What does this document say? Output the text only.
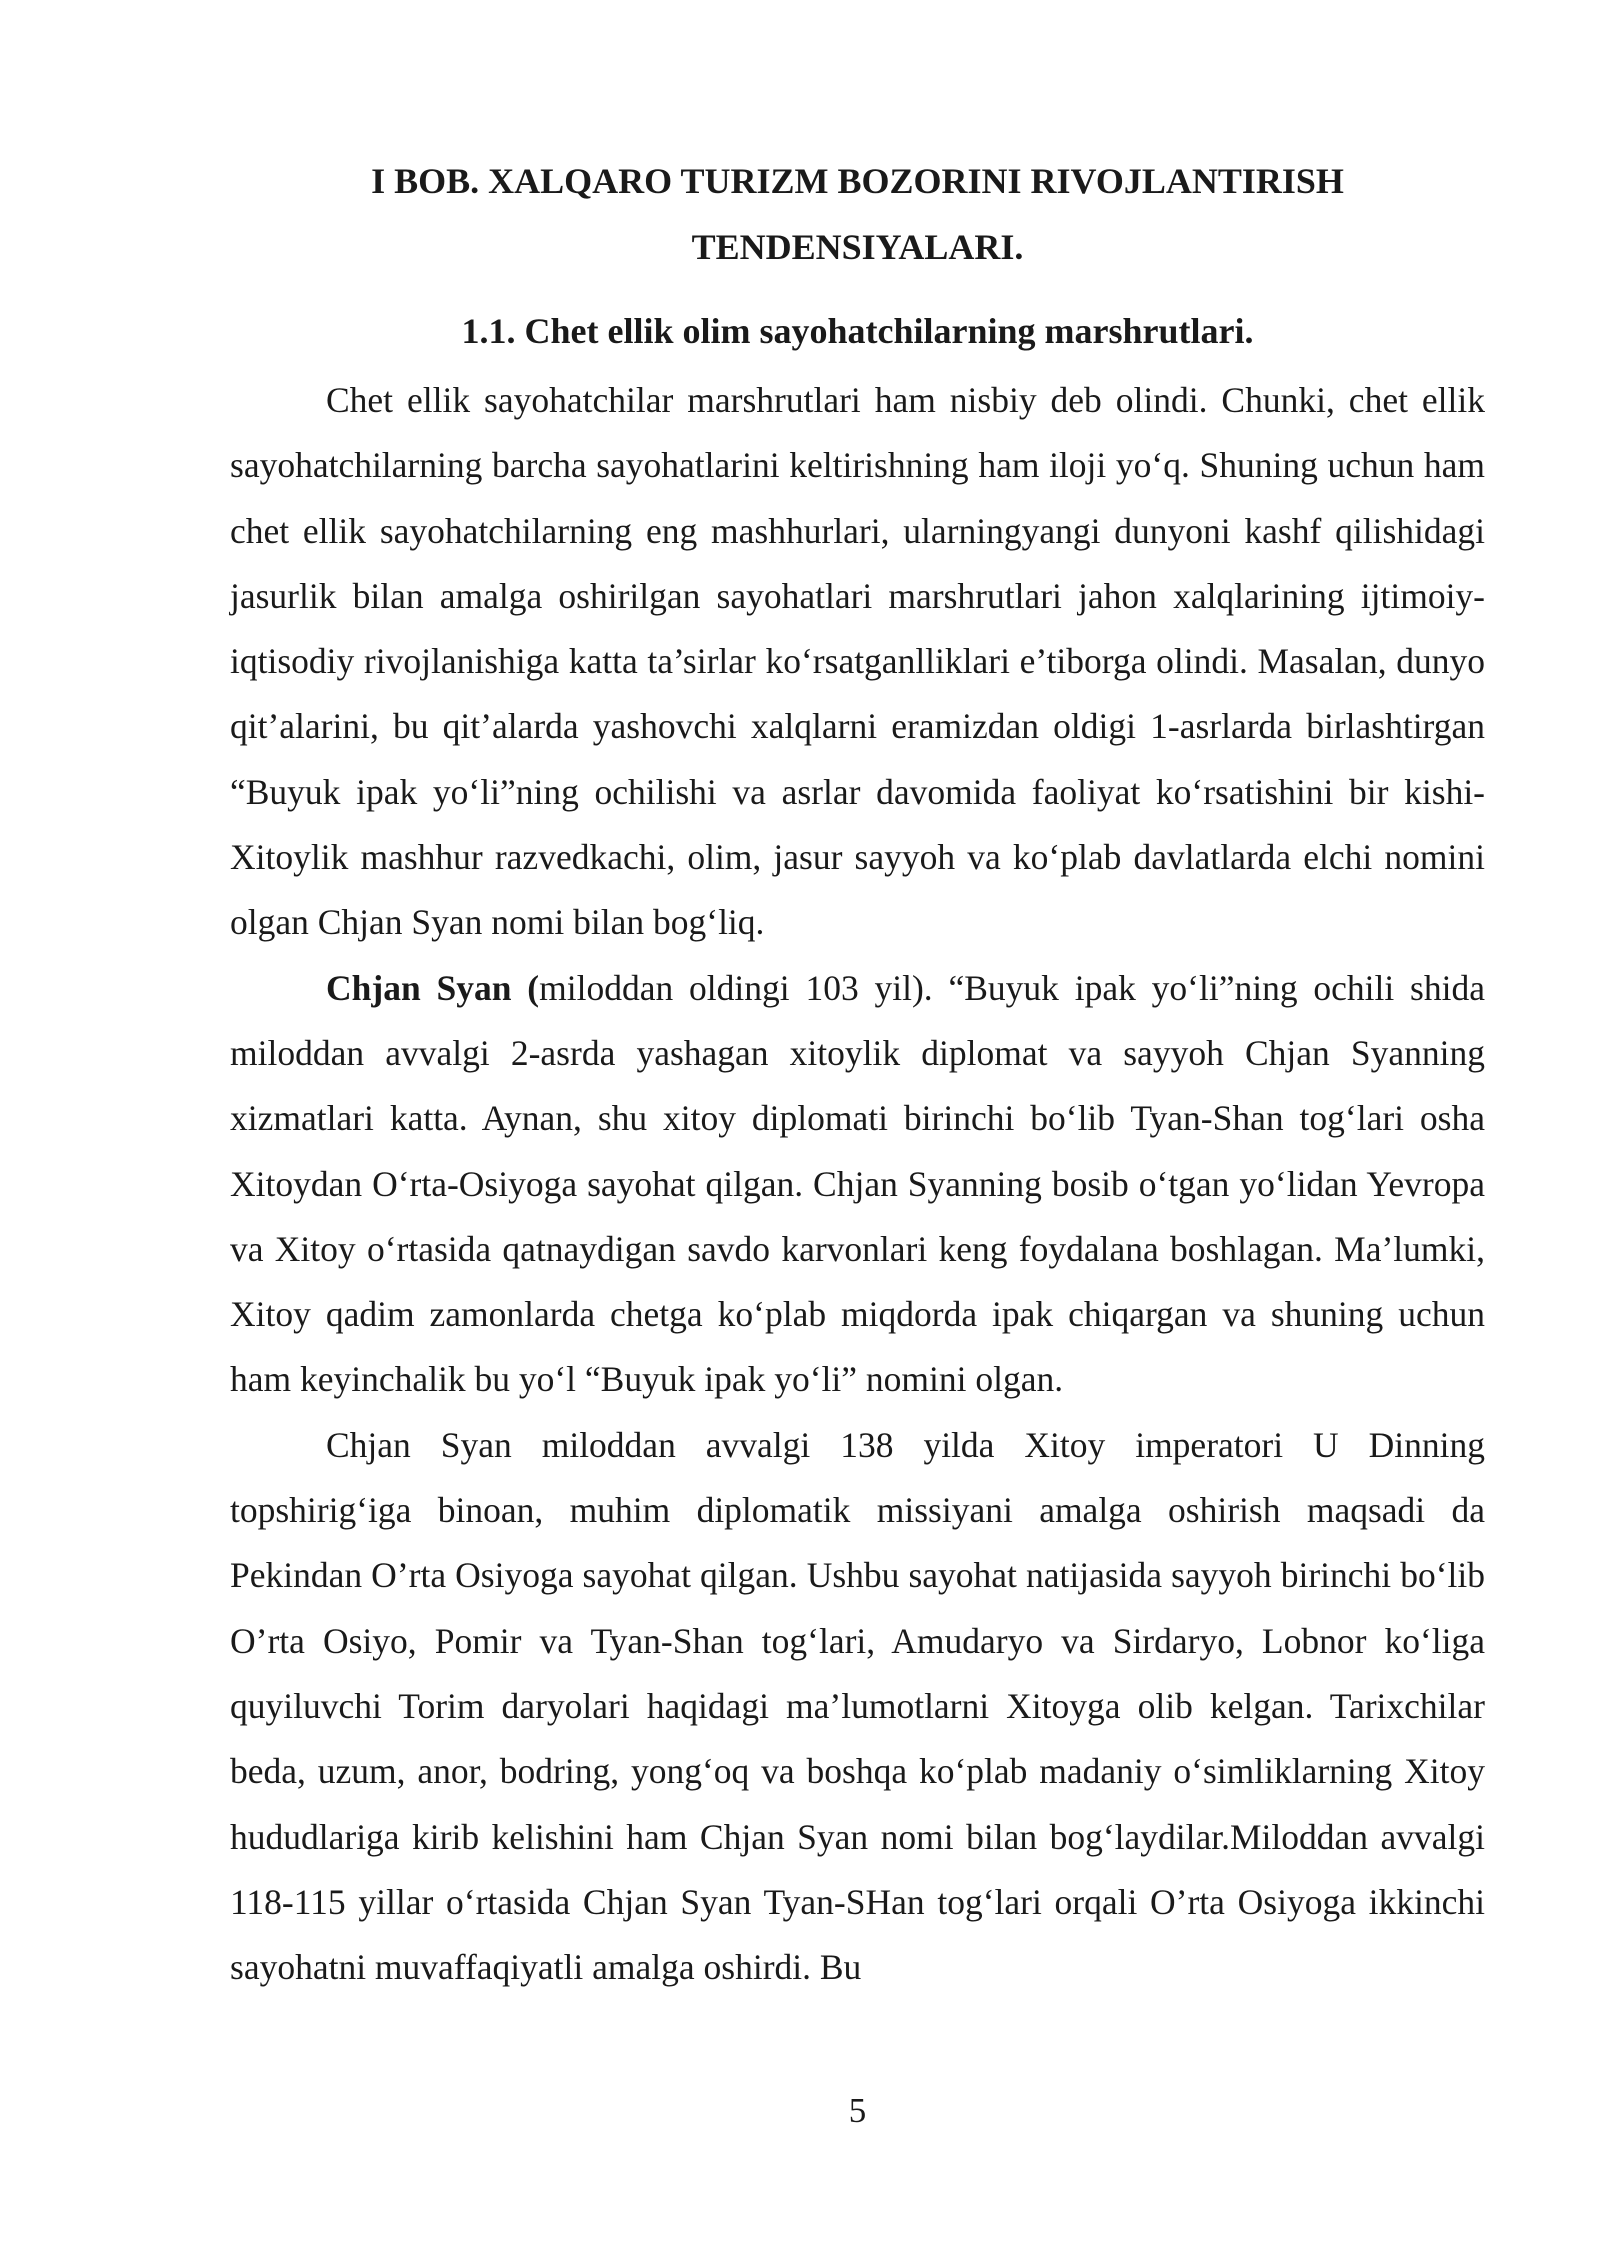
I BOB. XALQARO TURIZM BOZORINI RIVOJLANTIRISH
TENDENSIYALARI.
1.1. Chet ellik olim sayohatchilarning marshrutlari.

Chet ellik sayohatchilar marshrutlari ham nisbiy deb olindi. Chunki, chet ellik sayohatchilarning barcha sayohatlarini keltirishning ham iloji yo‘q. Shuning uchun ham chet ellik sayohatchilarning eng mashhurlari, ularningyangi dunyoni kashf qilishidagi jasurlik bilan amalga oshirilgan sayohatlari marshrutlari jahon xalqlarining ijtimoiy-iqtisodiy rivojlanishiga katta ta’sirlar ko‘rsatganlliklari e’tiborga olindi. Masalan, dunyo qit’alarini, bu qit’alarda yashovchi xalqlarni eramizdan oldigi 1-asrlarda birlashtirgan “Buyuk ipak yo‘li”ning ochilishi va asrlar davomida faoliyat ko‘rsatishini bir kishi-Xitoylik mashhur razvedkachi, olim, jasur sayyoh va ko‘plab davlatlarda elchi nomini olgan Chjan Syan nomi bilan bog‘liq.

Chjan Syan (miloddan oldingi 103 yil). “Buyuk ipak yo‘li”ning ochili shida miloddan avvalgi 2-asrda yashagan xitoylik diplomat va sayyoh Chjan Syanning xizmatlari katta. Aynan, shu xitoy diplomati birinchi bo‘lib Tyan-Shan tog‘lari osha Xitoydan O‘rta-Osiyoga sayohat qilgan. Chjan Syanning bosib o‘tgan yo‘lidan Yevropa va Xitoy o‘rtasida qatnaydigan savdo karvonlari keng foydalana boshlagan. Ma’lumki, Xitoy qadim zamonlarda chetga ko‘plab miqdorda ipak chiqargan va shuning uchun ham keyinchalik bu yo‘l “Buyuk ipak yo‘li” nomini olgan.

Chjan Syan miloddan avvalgi 138 yilda Xitoy imperatori U Dinning topshirig‘iga binoan, muhim diplomatik missiyani amalga oshirish maqsadi da Pekindan O’rta Osiyoga sayohat qilgan. Ushbu sayohat natijasida sayyoh birinchi bo‘lib O’rta Osiyo, Pomir va Tyan-Shan tog‘lari, Amudaryo va Sirdaryo, Lobnor ko‘liga quyiluvchi Torim daryolari haqidagi ma’lumotlarni Xitoyga olib kelgan. Tarixchilar beda, uzum, anor, bodring, yong‘oq va boshqa ko‘plab madaniy o‘simliklarning Xitoy hududlariga kirib kelishini ham Chjan Syan nomi bilan bog‘laydilar.Miloddan avvalgi 118-115 yillar o‘rtasida Chjan Syan Tyan-SHan tog‘lari orqali O’rta Osiyoga ikkinchi sayohatni muvaffaqiyatli amalga oshirdi. Bu

5
